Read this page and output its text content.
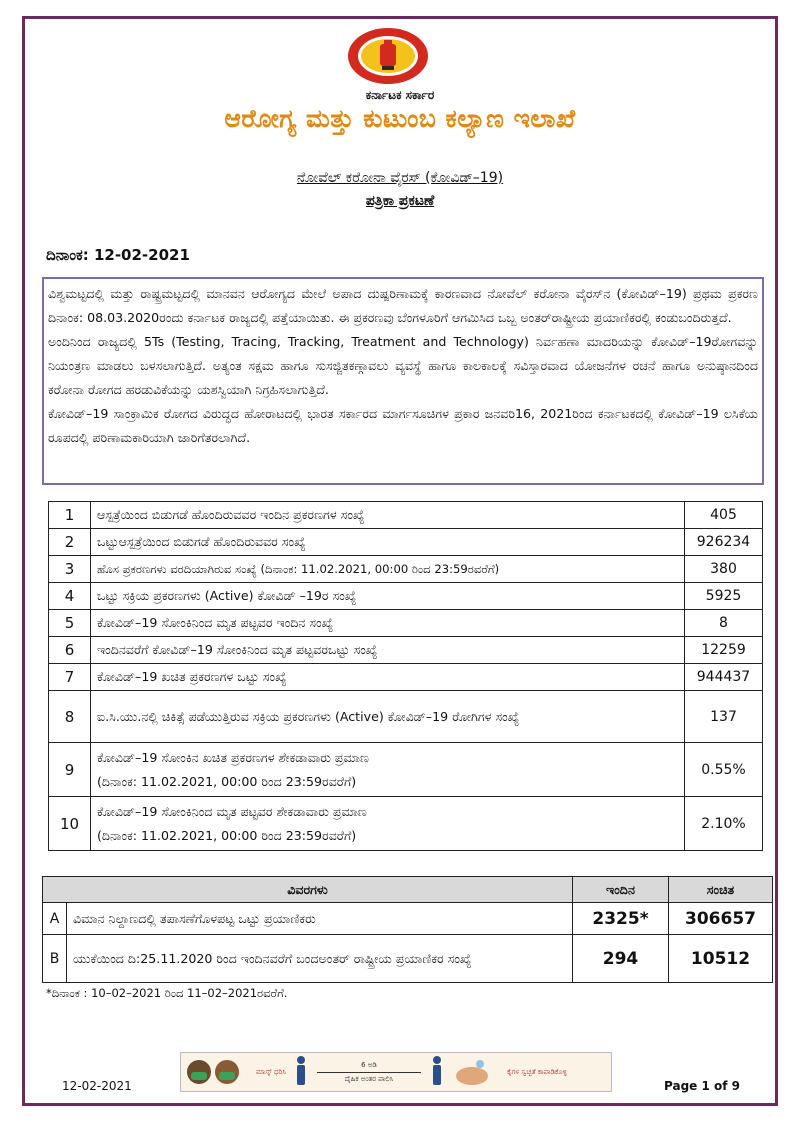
ಕರ್ನಾಟಕ ಸರ್ಕಾರ
ಆರೋಗ್ಯ ಮತ್ತು ಕುಟುಂಬ ಕಲ್ಯಾಣ ಇಲಾಖೆ
ನೋವೆಲ್ ಕರೋನಾ ವೈರಸ್ (ಕೋವಿಡ್–19)
ಪತ್ರಿಕಾ ಪ್ರಕಟಣೆ
ದಿನಾಂಕ: 12-02-2021

ವಿಶ್ವಮಟ್ಟದಲ್ಲಿ ಮತ್ತು ರಾಷ್ಟ್ರಮಟ್ಟದಲ್ಲಿ ಮಾನವನ ಆರೋಗ್ಯದ ಮೇಲೆ ಅಪಾದ ದುಷ್ಪರಿಣಾಮಕ್ಕೆ ಕಾರಣವಾದ ನೋವೆಲ್ ಕರೋನಾ ವೈರಸ್‌ನ (ಕೋವಿಡ್–19) ಪ್ರಥಮ ಪ್ರಕರಣ ದಿನಾಂಕ: 08.03.2020ರಂದು ಕರ್ನಾಟಕ ರಾಜ್ಯದಲ್ಲಿ ಪತ್ತೆಯಾಯಿತು. ಈ ಪ್ರಕರಣವು ಬೆಂಗಳೂರಿಗೆ ಆಗಮಿಸಿದ ಒಬ್ಬ ಅಂತರ್‌ರಾಷ್ಟ್ರೀಯ ಪ್ರಯಾಣಿಕರಲ್ಲಿ ಕಂಡುಬಂದಿರುತ್ತದೆ.

ಅಂದಿನಿಂದ ರಾಜ್ಯದಲ್ಲಿ 5Ts (Testing, Tracing, Tracking, Treatment and Technology) ನಿರ್ವಹಣಾ ಮಾದರಿಯನ್ನು ಕೋವಿಡ್–19ರೋಗವನ್ನು ನಿಯಂತ್ರಣ ಮಾಡಲು ಬಳಸಲಾಗುತ್ತಿದೆ. ಅತ್ಯಂತ ಸಕ್ಷಮ ಹಾಗೂ ಸುಸಜ್ಜಿತಕಣ್ಗಾವಲು ವ್ಯವಸ್ಥೆ ಹಾಗೂ ಕಾಲಕಾಲಕ್ಕೆ ಸವಿಸ್ತಾರವಾದ ಯೋಜನೆಗಳ ರಚನೆ ಹಾಗೂ ಅನುಷ್ಠಾನದಿಂದ ಕರೋನಾ ರೋಗದ ಹರಡುವಿಕೆಯನ್ನು ಯಶಸ್ವಿಯಾಗಿ ನಿಗ್ರಹಿಸಲಾಗುತ್ತಿದೆ.

ಕೋವಿಡ್–19 ಸಾಂಕ್ರಾಮಿಕ ರೋಗದ ವಿರುದ್ಧದ ಹೋರಾಟದಲ್ಲಿ ಭಾರತ ಸರ್ಕಾರದ ಮಾರ್ಗಸೂಚಿಗಳ ಪ್ರಕಾರ ಜನವರಿ16, 2021ರಿಂದ ಕರ್ನಾಟಕದಲ್ಲಿ ಕೋವಿಡ್–19 ಲಸಿಕೆಯ ರೂಪದಲ್ಲಿ ಪರಿಣಾಮಕಾರಿಯಾಗಿ ಜಾರಿಗೆತರಲಾಗಿದೆ.

1	ಆಸ್ಪತ್ರೆಯಿಂದ ಬಿಡುಗಡೆ ಹೊಂದಿರುವವರ ಇಂದಿನ ಪ್ರಕರಣಗಳ ಸಂಖ್ಯೆ	405
2	ಒಟ್ಟುಆಸ್ಪತ್ರೆಯಿಂದ ಬಿಡುಗಡೆ ಹೊಂದಿರುವವರ ಸಂಖ್ಯೆ	926234
3	ಹೊಸ ಪ್ರಕರಣಗಳು ವರದಿಯಾಗಿರುವ ಸಂಖ್ಯೆ (ದಿನಾಂಕ: 11.02.2021, 00:00 ರಿಂದ 23:59ರವರೆಗೆ)	380
4	ಒಟ್ಟು ಸಕ್ರಿಯ ಪ್ರಕರಣಗಳು (Active) ಕೋವಿಡ್ –19ರ ಸಂಖ್ಯೆ	5925
5	ಕೋವಿಡ್–19 ಸೋಂಕಿನಿಂದ ಮೃತ ಪಟ್ಟವರ ಇಂದಿನ ಸಂಖ್ಯೆ	8
6	ಇಂದಿನವರೆಗೆ ಕೋವಿಡ್–19 ಸೋಂಕಿನಿಂದ ಮೃತ ಪಟ್ಟವರಒಟ್ಟು ಸಂಖ್ಯೆ	12259
7	ಕೋವಿಡ್–19 ಖಚಿತ ಪ್ರಕರಣಗಳ ಒಟ್ಟು ಸಂಖ್ಯೆ	944437
8	ಐ.ಸಿ.ಯು.ನಲ್ಲಿ ಚಿಕಿತ್ಸೆ ಪಡೆಯುತ್ತಿರುವ ಸಕ್ರಿಯ ಪ್ರಕರಣಗಳು (Active) ಕೋವಿಡ್–19 ರೋಗಿಗಳ ಸಂಖ್ಯೆ	137
9	ಕೋವಿಡ್–19 ಸೋಂಕಿನ ಖಚಿತ ಪ್ರಕರಣಗಳ ಶೇಕಡಾವಾರು ಪ್ರಮಾಣ
(ದಿನಾಂಕ: 11.02.2021, 00:00 ರಿಂದ 23:59ರವರೆಗೆ)	0.55%
10	ಕೋವಿಡ್–19 ಸೋಂಕಿನಿಂದ ಮೃತ ಪಟ್ಟವರ ಶೇಕಡಾವಾರು ಪ್ರಮಾಣ
(ದಿನಾಂಕ: 11.02.2021, 00:00 ರಿಂದ 23:59ರವರೆಗೆ)	2.10%
ವಿವರಗಳು		ಇಂದಿನ	ಸಂಚಿತ
A	ವಿಮಾನ ನಿಲ್ದಾಣದಲ್ಲಿ ತಪಾಸಣೆಗೊಳಪಟ್ಟ ಒಟ್ಟು ಪ್ರಯಾಣಿಕರು	2325*	306657
B	ಯುಕೆಯಿಂದ ದಿ:25.11.2020 ರಿಂದ ಇಂದಿನವರೆಗೆ ಬಂದಅಂತರ್ ರಾಷ್ಟ್ರೀಯ ಪ್ರಯಾಣಿಕರ ಸಂಖ್ಯೆ	294	10512
*ದಿನಾಂಕ : 10–02–2021 ರಿಂದ 11–02–2021ರವರೆಗೆ.
ಮಾಸ್ಕ್ ಧರಿಸಿ
6 ಅಡಿ
ದೈಹಿಕ ಅಂತರ ಪಾಲಿಸಿ
ಕೈಗಳ ಸ್ವಚ್ಛತೆ ಕಾಪಾಡಿಕೊಳ್ಳಿ
12-02-2021	Page 1 of 9
